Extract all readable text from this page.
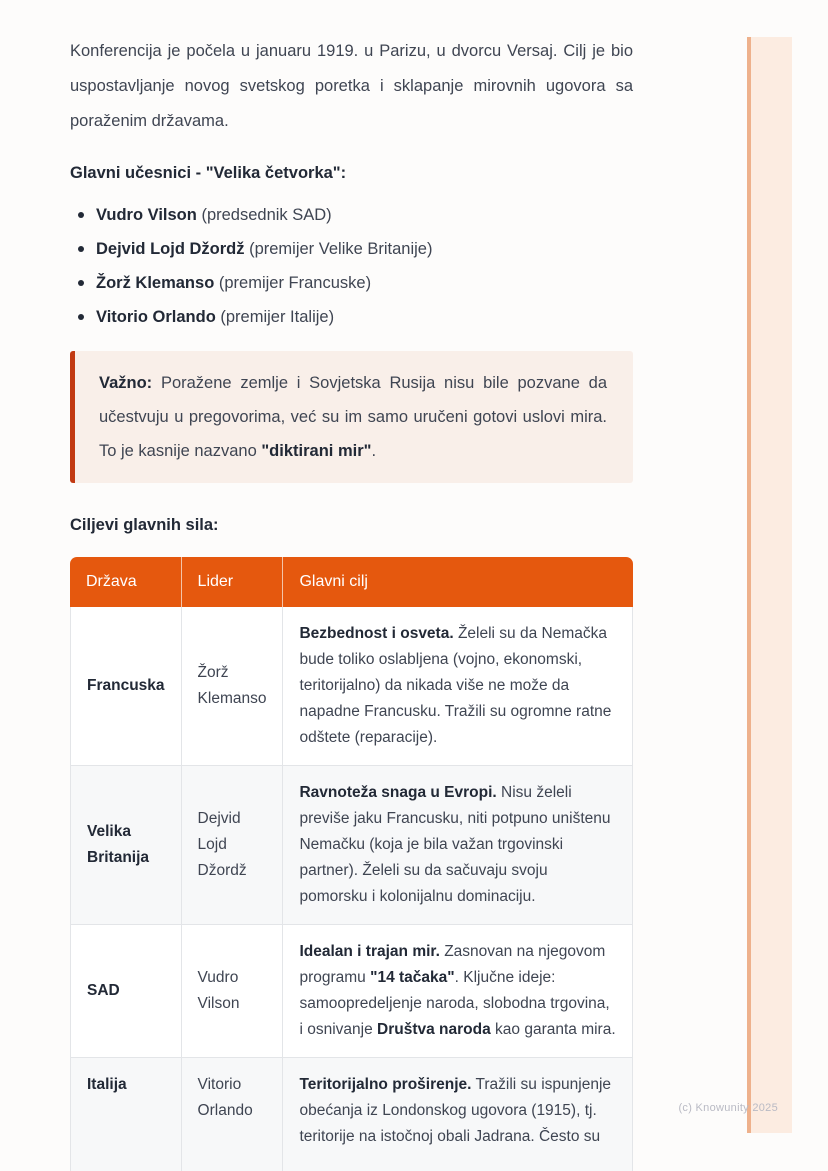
Konferencija je počela u januaru 1919. u Parizu, u dvorcu Versaj. Cilj je bio uspostavljanje novog svetskog poretka i sklapanje mirovnih ugovora sa poraženim državama.

Glavni učesnici - "Velika četvorka":

Vudro Vilson (predsednik SAD)
Dejvid Lojd Džordž (premijer Velike Britanije)
Žorž Klemanso (premijer Francuske)
Vitorio Orlando (premijer Italije)
Važno: Poražene zemlje i Sovjetska Rusija nisu bile pozvane da učestvuju u pregovorima, već su im samo uručeni gotovi uslovi mira. To je kasnije nazvano "diktirani mir".

Ciljevi glavnih sila:

Država	Lider	Glavni cilj
Francuska	Žorž Klemanso	Bezbednost i osveta. Želeli su da Nemačka bude toliko oslabljena (vojno, ekonomski, teritorijalno) da nikada više ne može da napadne Francusku. Tražili su ogromne ratne odštete (reparacije).
Velika Britanija	Dejvid Lojd Džordž	Ravnoteža snaga u Evropi. Nisu želeli previše jaku Francusku, niti potpuno uništenu Nemačku (koja je bila važan trgovinski partner). Želeli su da sačuvaju svoju pomorsku i kolonijalnu dominaciju.
SAD	Vudro Vilson	Idealan i trajan mir. Zasnovan na njegovom programu "14 tačaka". Ključne ideje: samoopredeljenje naroda, slobodna trgovina, i osnivanje Društva naroda kao garanta mira.
Italija	Vitorio Orlando	Teritorijalno proširenje. Tražili su ispunjenje obećanja iz Londonskog ugovora (1915), tj. teritorije na istočnoj obali Jadrana. Često su
(c) Knowunity 2025
